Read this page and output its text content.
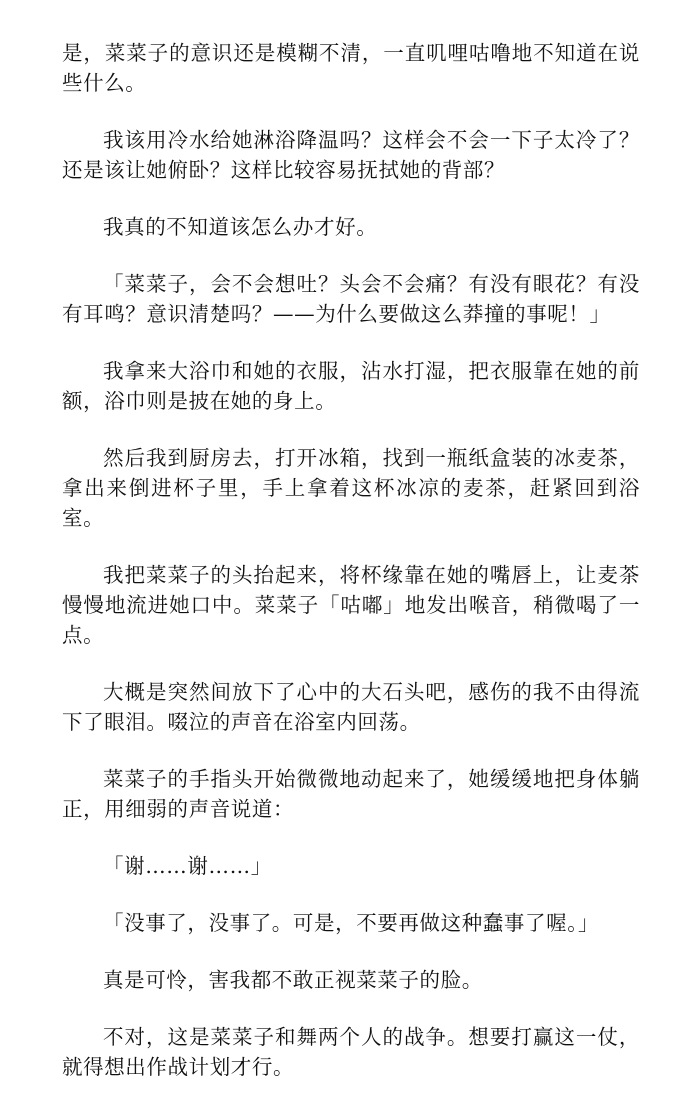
是，菜菜子的意识还是模糊不清，一直叽哩咕噜地不知道在说些什么。

我该用冷水给她淋浴降温吗？这样会不会一下子太冷了？还是该让她俯卧？这样比较容易抚拭她的背部？

我真的不知道该怎么办才好。

「菜菜子，会不会想吐？头会不会痛？有没有眼花？有没有耳鸣？意识清楚吗？——为什么要做这么莽撞的事呢！」

我拿来大浴巾和她的衣服，沾水打湿，把衣服靠在她的前额，浴巾则是披在她的身上。

然后我到厨房去，打开冰箱，找到一瓶纸盒装的冰麦茶，拿出来倒进杯子里，手上拿着这杯冰凉的麦茶，赶紧回到浴室。

我把菜菜子的头抬起来，将杯缘靠在她的嘴唇上，让麦茶慢慢地流进她口中。菜菜子「咕嘟」地发出喉音，稍微喝了一点。

大概是突然间放下了心中的大石头吧，感伤的我不由得流下了眼泪。啜泣的声音在浴室内回荡。

菜菜子的手指头开始微微地动起来了，她缓缓地把身体躺正，用细弱的声音说道：

「谢……谢……」

「没事了，没事了。可是，不要再做这种蠢事了喔。」

真是可怜，害我都不敢正视菜菜子的脸。

不对，这是菜菜子和舞两个人的战争。想要打赢这一仗，就得想出作战计划才行。
